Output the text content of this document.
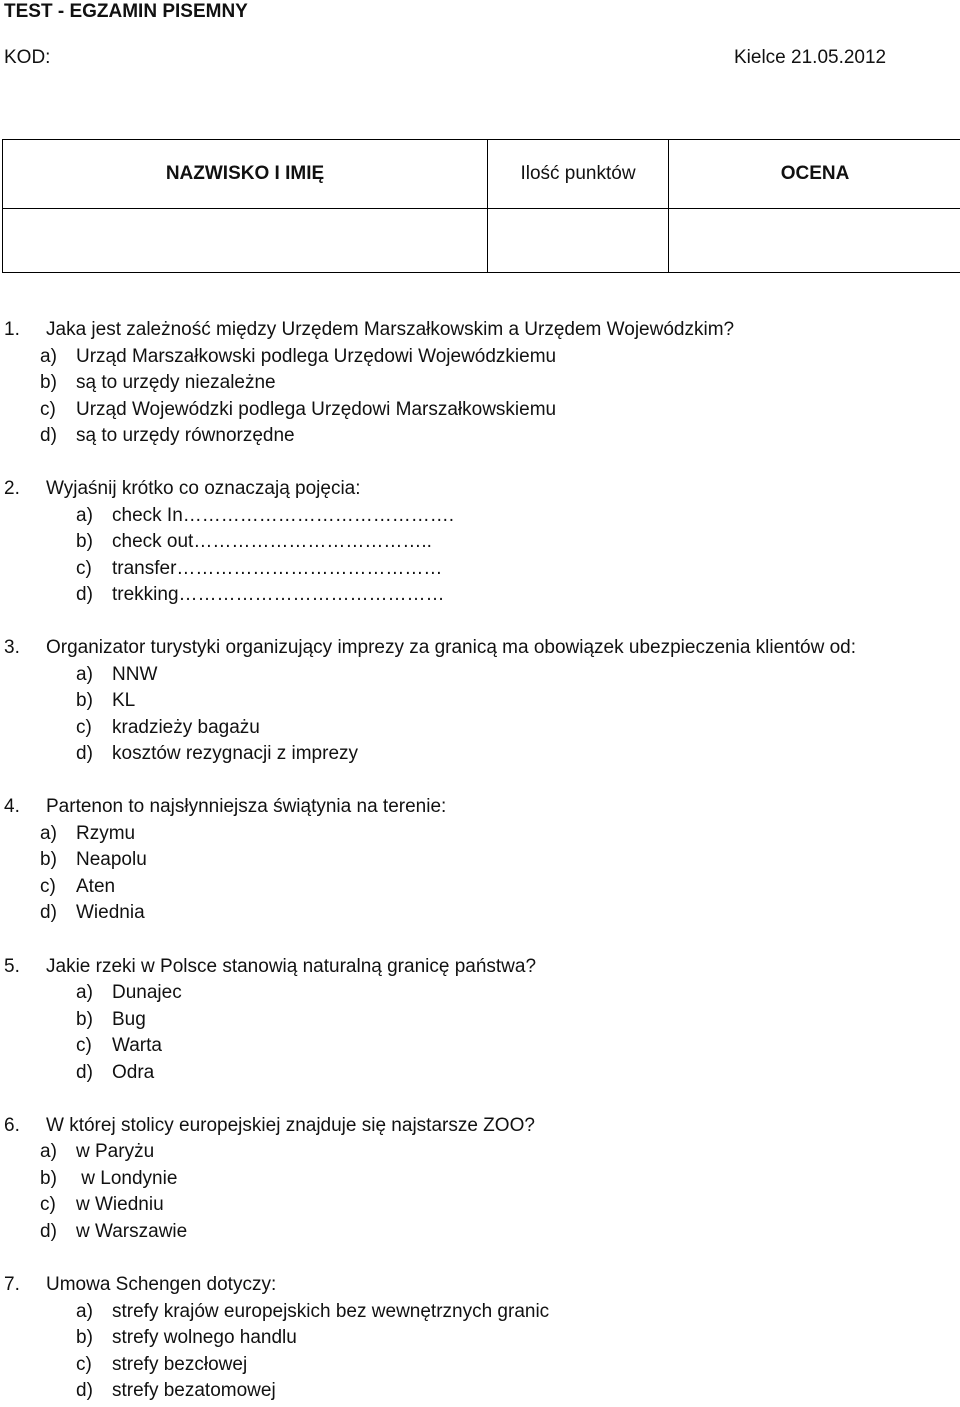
TEST - EGZAMIN PISEMNY
KOD:	Kielce 21.05.2012
NAZWISKO I IMIĘ	Ilość punktów	OCENA

1. Jaka jest zależność między Urzędem Marszałkowskim a Urzędem Wojewódzkim?
a) Urząd Marszałkowski podlega Urzędowi Wojewódzkiemu
b) są to urzędy niezależne
c) Urząd Wojewódzki podlega Urzędowi Marszałkowskiemu
d) są to urzędy równorzędne
2. Wyjaśnij krótko co oznaczają pojęcia:
a) check In…………………………………….
b) check out………………………………..
c) transfer……………………………………
d) trekking……………………………………
3. Organizator turystyki organizujący imprezy za granicą ma obowiązek ubezpieczenia klientów od:
a) NNW
b) KL
c) kradzieży bagażu
d) kosztów rezygnacji z imprezy
4. Partenon to najsłynniejsza świątynia na terenie:
a) Rzymu
b) Neapolu
c) Aten
d) Wiednia
5. Jakie rzeki w Polsce stanowią naturalną granicę państwa?
a) Dunajec
b) Bug
c) Warta
d) Odra
6. W której stolicy europejskiej znajduje się najstarsze ZOO?
a) w Paryżu
b) w Londynie
c) w Wiedniu
d) w Warszawie
7. Umowa Schengen dotyczy:
a) strefy krajów europejskich bez wewnętrznych granic
b) strefy wolnego handlu
c) strefy bezcłowej
d) strefy bezatomowej
